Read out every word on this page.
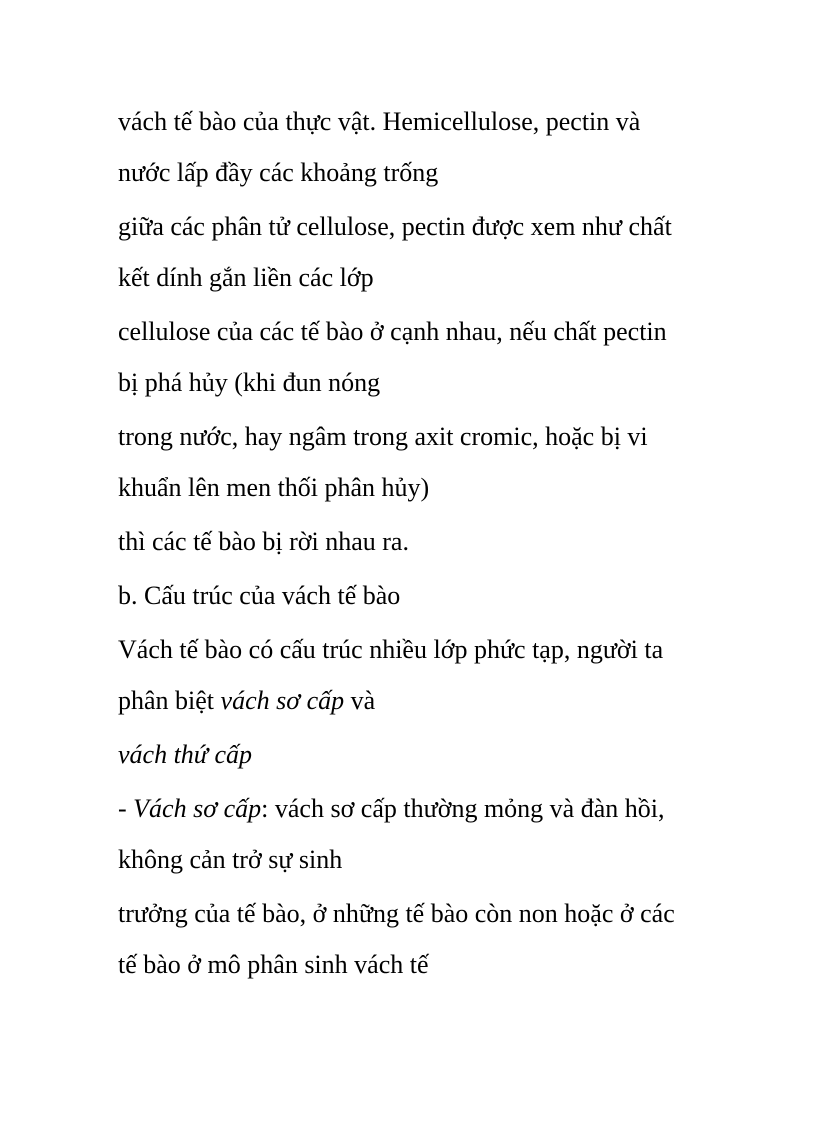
vách tế bào của thực vật. Hemicellulose, pectin và
nước lấp đầy các khoảng trống

giữa các phân tử cellulose, pectin được xem như chất
kết dính gắn liền các lớp

cellulose của các tế bào ở cạnh nhau, nếu chất pectin
bị phá hủy (khi đun nóng

trong nước, hay ngâm trong axit cromic, hoặc bị vi
khuẩn lên men thối phân hủy)

thì các tế bào bị rời nhau ra.

b. Cấu trúc của vách tế bào

Vách tế bào có cấu trúc nhiều lớp phức tạp, người ta
phân biệt vách sơ cấp và

vách thứ cấp

- Vách sơ cấp: vách sơ cấp thường mỏng và đàn hồi,
không cản trở sự sinh

trưởng của tế bào, ở những tế bào còn non hoặc ở các
tế bào ở mô phân sinh vách tế
